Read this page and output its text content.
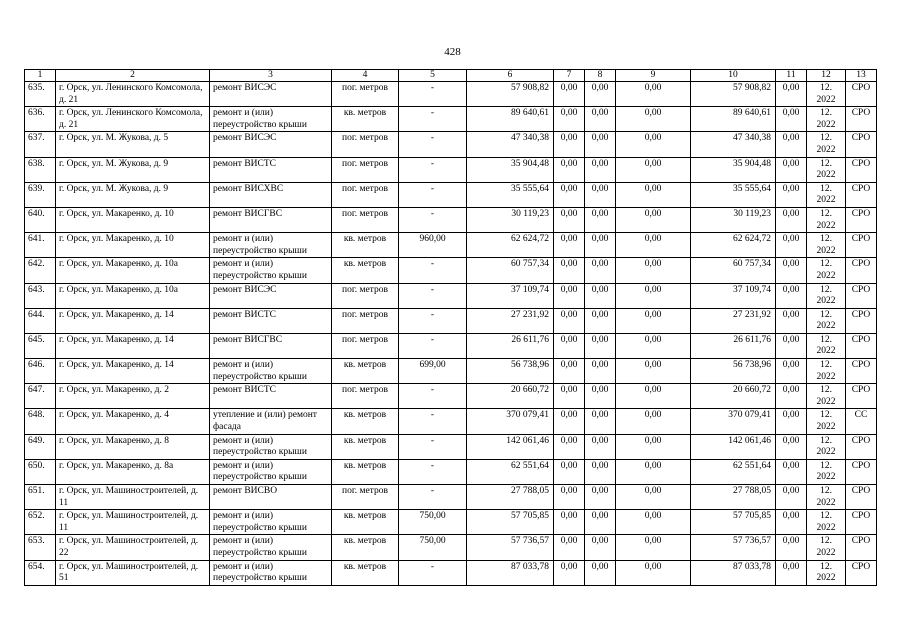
428
1	2	3	4	5	6	7	8	9	10	11	12	13
635.	г. Орск, ул. Ленинского Комсомола, д. 21	ремонт ВИСЭС	пог. метров	-	57 908,82	0,00	0,00	0,00	57 908,82	0,00	12. 2022	СРО
636.	г. Орск, ул. Ленинского Комсомола, д. 21	ремонт и (или) переустройство крыши	кв. метров	-	89 640,61	0,00	0,00	0,00	89 640,61	0,00	12. 2022	СРО
637.	г. Орск, ул. М. Жукова, д. 5	ремонт ВИСЭС	пог. метров	-	47 340,38	0,00	0,00	0,00	47 340,38	0,00	12. 2022	СРО
638.	г. Орск, ул. М. Жукова, д. 9	ремонт ВИСТС	пог. метров	-	35 904,48	0,00	0,00	0,00	35 904,48	0,00	12. 2022	СРО
639.	г. Орск, ул. М. Жукова, д. 9	ремонт ВИСХВС	пог. метров	-	35 555,64	0,00	0,00	0,00	35 555,64	0,00	12. 2022	СРО
640.	г. Орск, ул. Макаренко, д. 10	ремонт ВИСГВС	пог. метров	-	30 119,23	0,00	0,00	0,00	30 119,23	0,00	12. 2022	СРО
641.	г. Орск, ул. Макаренко, д. 10	ремонт и (или) переустройство крыши	кв. метров	960,00	62 624,72	0,00	0,00	0,00	62 624,72	0,00	12. 2022	СРО
642.	г. Орск, ул. Макаренко, д. 10а	ремонт и (или) переустройство крыши	кв. метров	-	60 757,34	0,00	0,00	0,00	60 757,34	0,00	12. 2022	СРО
643.	г. Орск, ул. Макаренко, д. 10а	ремонт ВИСЭС	пог. метров	-	37 109,74	0,00	0,00	0,00	37 109,74	0,00	12. 2022	СРО
644.	г. Орск, ул. Макаренко, д. 14	ремонт ВИСТС	пог. метров	-	27 231,92	0,00	0,00	0,00	27 231,92	0,00	12. 2022	СРО
645.	г. Орск, ул. Макаренко, д. 14	ремонт ВИСГВС	пог. метров	-	26 611,76	0,00	0,00	0,00	26 611,76	0,00	12. 2022	СРО
646.	г. Орск, ул. Макаренко, д. 14	ремонт и (или) переустройство крыши	кв. метров	699,00	56 738,96	0,00	0,00	0,00	56 738,96	0,00	12. 2022	СРО
647.	г. Орск, ул. Макаренко, д. 2	ремонт ВИСТС	пог. метров	-	20 660,72	0,00	0,00	0,00	20 660,72	0,00	12. 2022	СРО
648.	г. Орск, ул. Макаренко, д. 4	утепление и (или) ремонт фасада	кв. метров	-	370 079,41	0,00	0,00	0,00	370 079,41	0,00	12. 2022	СС
649.	г. Орск, ул. Макаренко, д. 8	ремонт и (или) переустройство крыши	кв. метров	-	142 061,46	0,00	0,00	0,00	142 061,46	0,00	12. 2022	СРО
650.	г. Орск, ул. Макаренко, д. 8а	ремонт и (или) переустройство крыши	кв. метров	-	62 551,64	0,00	0,00	0,00	62 551,64	0,00	12. 2022	СРО
651.	г. Орск, ул. Машиностроителей, д. 11	ремонт ВИСВО	пог. метров	-	27 788,05	0,00	0,00	0,00	27 788,05	0,00	12. 2022	СРО
652.	г. Орск, ул. Машиностроителей, д. 11	ремонт и (или) переустройство крыши	кв. метров	750,00	57 705,85	0,00	0,00	0,00	57 705,85	0,00	12. 2022	СРО
653.	г. Орск, ул. Машиностроителей, д. 22	ремонт и (или) переустройство крыши	кв. метров	750,00	57 736,57	0,00	0,00	0,00	57 736,57	0,00	12. 2022	СРО
654.	г. Орск, ул. Машиностроителей, д. 51	ремонт и (или) переустройство крыши	кв. метров	-	87 033,78	0,00	0,00	0,00	87 033,78	0,00	12. 2022	СРО
